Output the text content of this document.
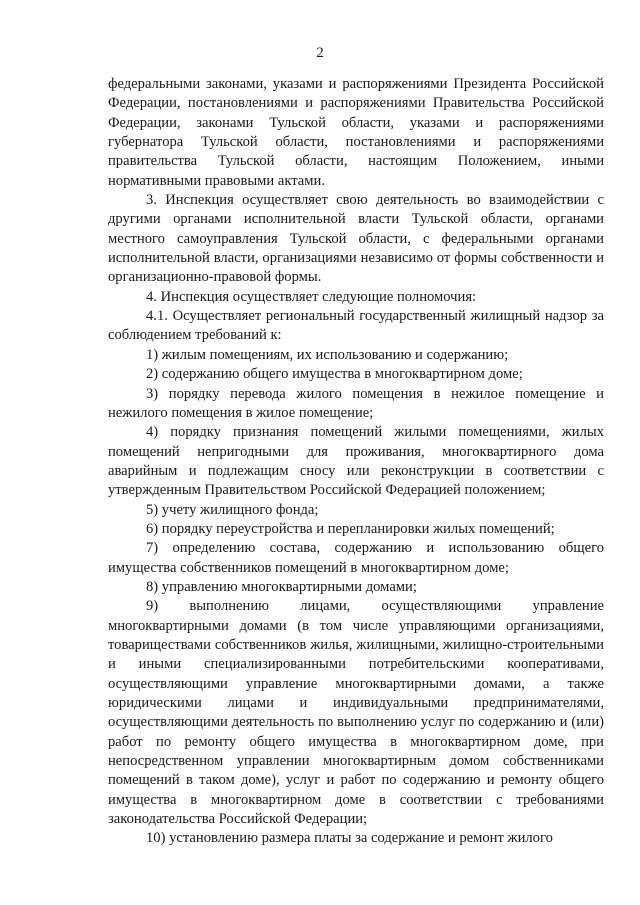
2

федеральными законами, указами и распоряжениями Президента Российской Федерации, постановлениями и распоряжениями Правительства Российской Федерации, законами Тульской области, указами и распоряжениями губернатора Тульской области, постановлениями и распоряжениями правительства Тульской области, настоящим Положением, иными нормативными правовыми актами.

3. Инспекция осуществляет свою деятельность во взаимодействии с другими органами исполнительной власти Тульской области, органами местного самоуправления Тульской области, с федеральными органами исполнительной власти, организациями независимо от формы собственности и организационно-правовой формы.

4. Инспекция осуществляет следующие полномочия:

4.1. Осуществляет региональный государственный жилищный надзор за соблюдением требований к:

1) жилым помещениям, их использованию и содержанию;

2) содержанию общего имущества в многоквартирном доме;

3) порядку перевода жилого помещения в нежилое помещение и нежилого помещения в жилое помещение;

4) порядку признания помещений жилыми помещениями, жилых помещений непригодными для проживания, многоквартирного дома аварийным и подлежащим сносу или реконструкции в соответствии с утвержденным Правительством Российской Федерацией положением;

5) учету жилищного фонда;

6) порядку переустройства и перепланировки жилых помещений;

7) определению состава, содержанию и использованию общего имущества собственников помещений в многоквартирном доме;

8) управлению многоквартирными домами;

9) выполнению лицами, осуществляющими управление многоквартирными домами (в том числе управляющими организациями, товариществами собственников жилья, жилищными, жилищно-строительными и иными специализированными потребительскими кооперативами, осуществляющими управление многоквартирными домами, а также юридическими лицами и индивидуальными предпринимателями, осуществляющими деятельность по выполнению услуг по содержанию и (или) работ по ремонту общего имущества в многоквартирном доме, при непосредственном управлении многоквартирным домом собственниками помещений в таком доме), услуг и работ по содержанию и ремонту общего имущества в многоквартирном доме в соответствии с требованиями законодательства Российской Федерации;

10) установлению размера платы за содержание и ремонт жилого
